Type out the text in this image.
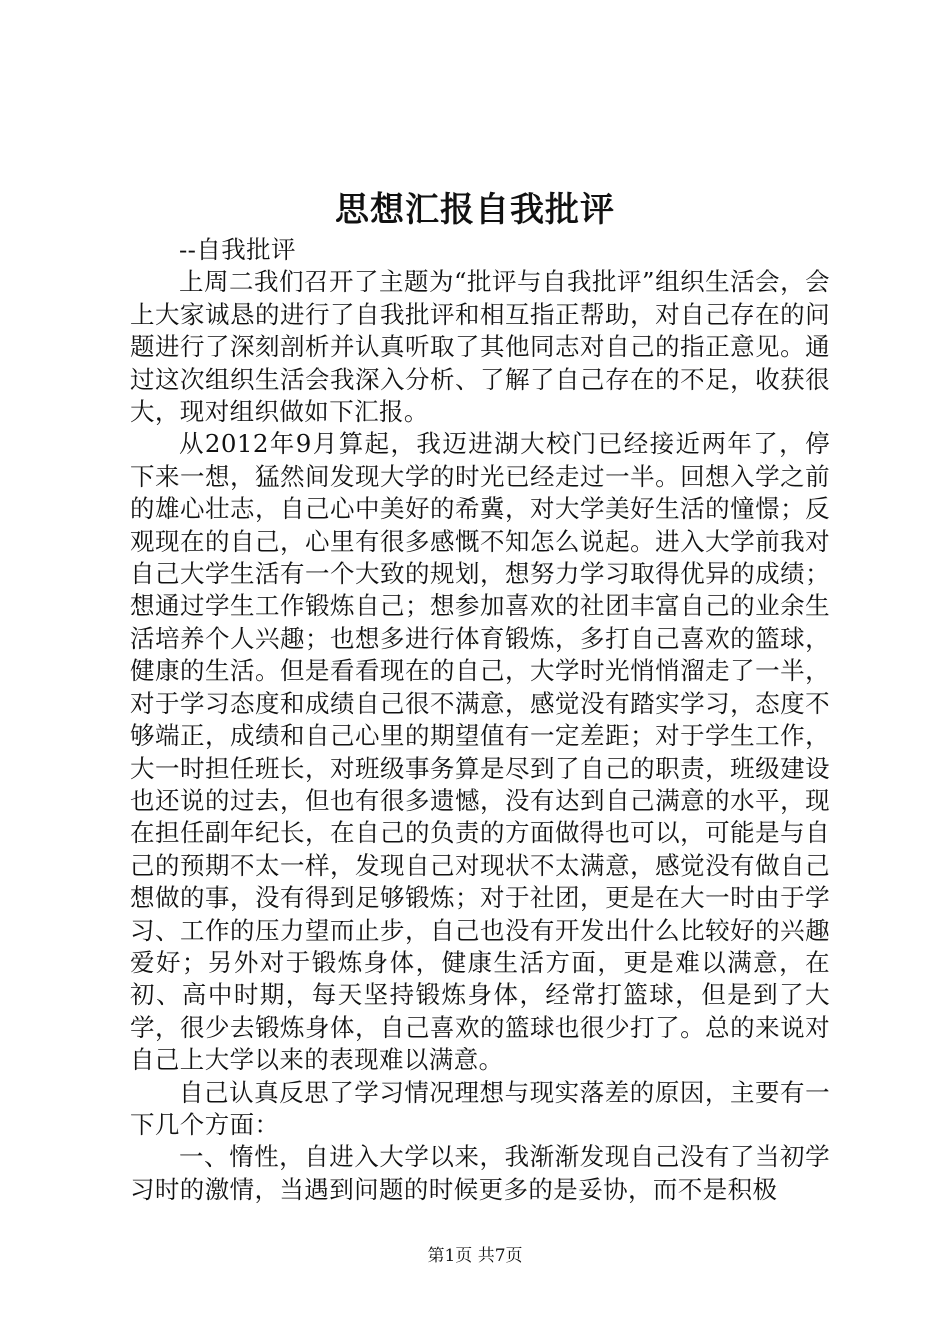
思想汇报自我批评

--自我批评

上周二我们召开了主题为“批评与自我批评”组织生活会，会上大家诚恳的进行了自我批评和相互指正帮助，对自己存在的问题进行了深刻剖析并认真听取了其他同志对自己的指正意见。通过这次组织生活会我深入分析、了解了自己存在的不足，收获很大，现对组织做如下汇报。

从2012年9月算起，我迈进湖大校门已经接近两年了，停下来一想，猛然间发现大学的时光已经走过一半。回想入学之前的雄心壮志，自己心中美好的希冀，对大学美好生活的憧憬；反观现在的自己，心里有很多感慨不知怎么说起。进入大学前我对自己大学生活有一个大致的规划，想努力学习取得优异的成绩；想通过学生工作锻炼自己；想参加喜欢的社团丰富自己的业余生活培养个人兴趣；也想多进行体育锻炼，多打自己喜欢的篮球，健康的生活。但是看看现在的自己，大学时光悄悄溜走了一半，对于学习态度和成绩自己很不满意，感觉没有踏实学习，态度不够端正，成绩和自己心里的期望值有一定差距；对于学生工作，大一时担任班长，对班级事务算是尽到了自己的职责，班级建设也还说的过去，但也有很多遗憾，没有达到自己满意的水平，现在担任副年纪长，在自己的负责的方面做得也可以，可能是与自己的预期不太一样，发现自己对现状不太满意，感觉没有做自己想做的事，没有得到足够锻炼；对于社团，更是在大一时由于学习、工作的压力望而止步，自己也没有开发出什么比较好的兴趣爱好；另外对于锻炼身体，健康生活方面，更是难以满意，在初、高中时期，每天坚持锻炼身体，经常打篮球，但是到了大学，很少去锻炼身体，自己喜欢的篮球也很少打了。总的来说对自己上大学以来的表现难以满意。

自己认真反思了学习情况理想与现实落差的原因，主要有一下几个方面：

一、惰性，自进入大学以来，我渐渐发现自己没有了当初学习时的激情，当遇到问题的时候更多的是妥协，而不是积极

第1页 共7页
